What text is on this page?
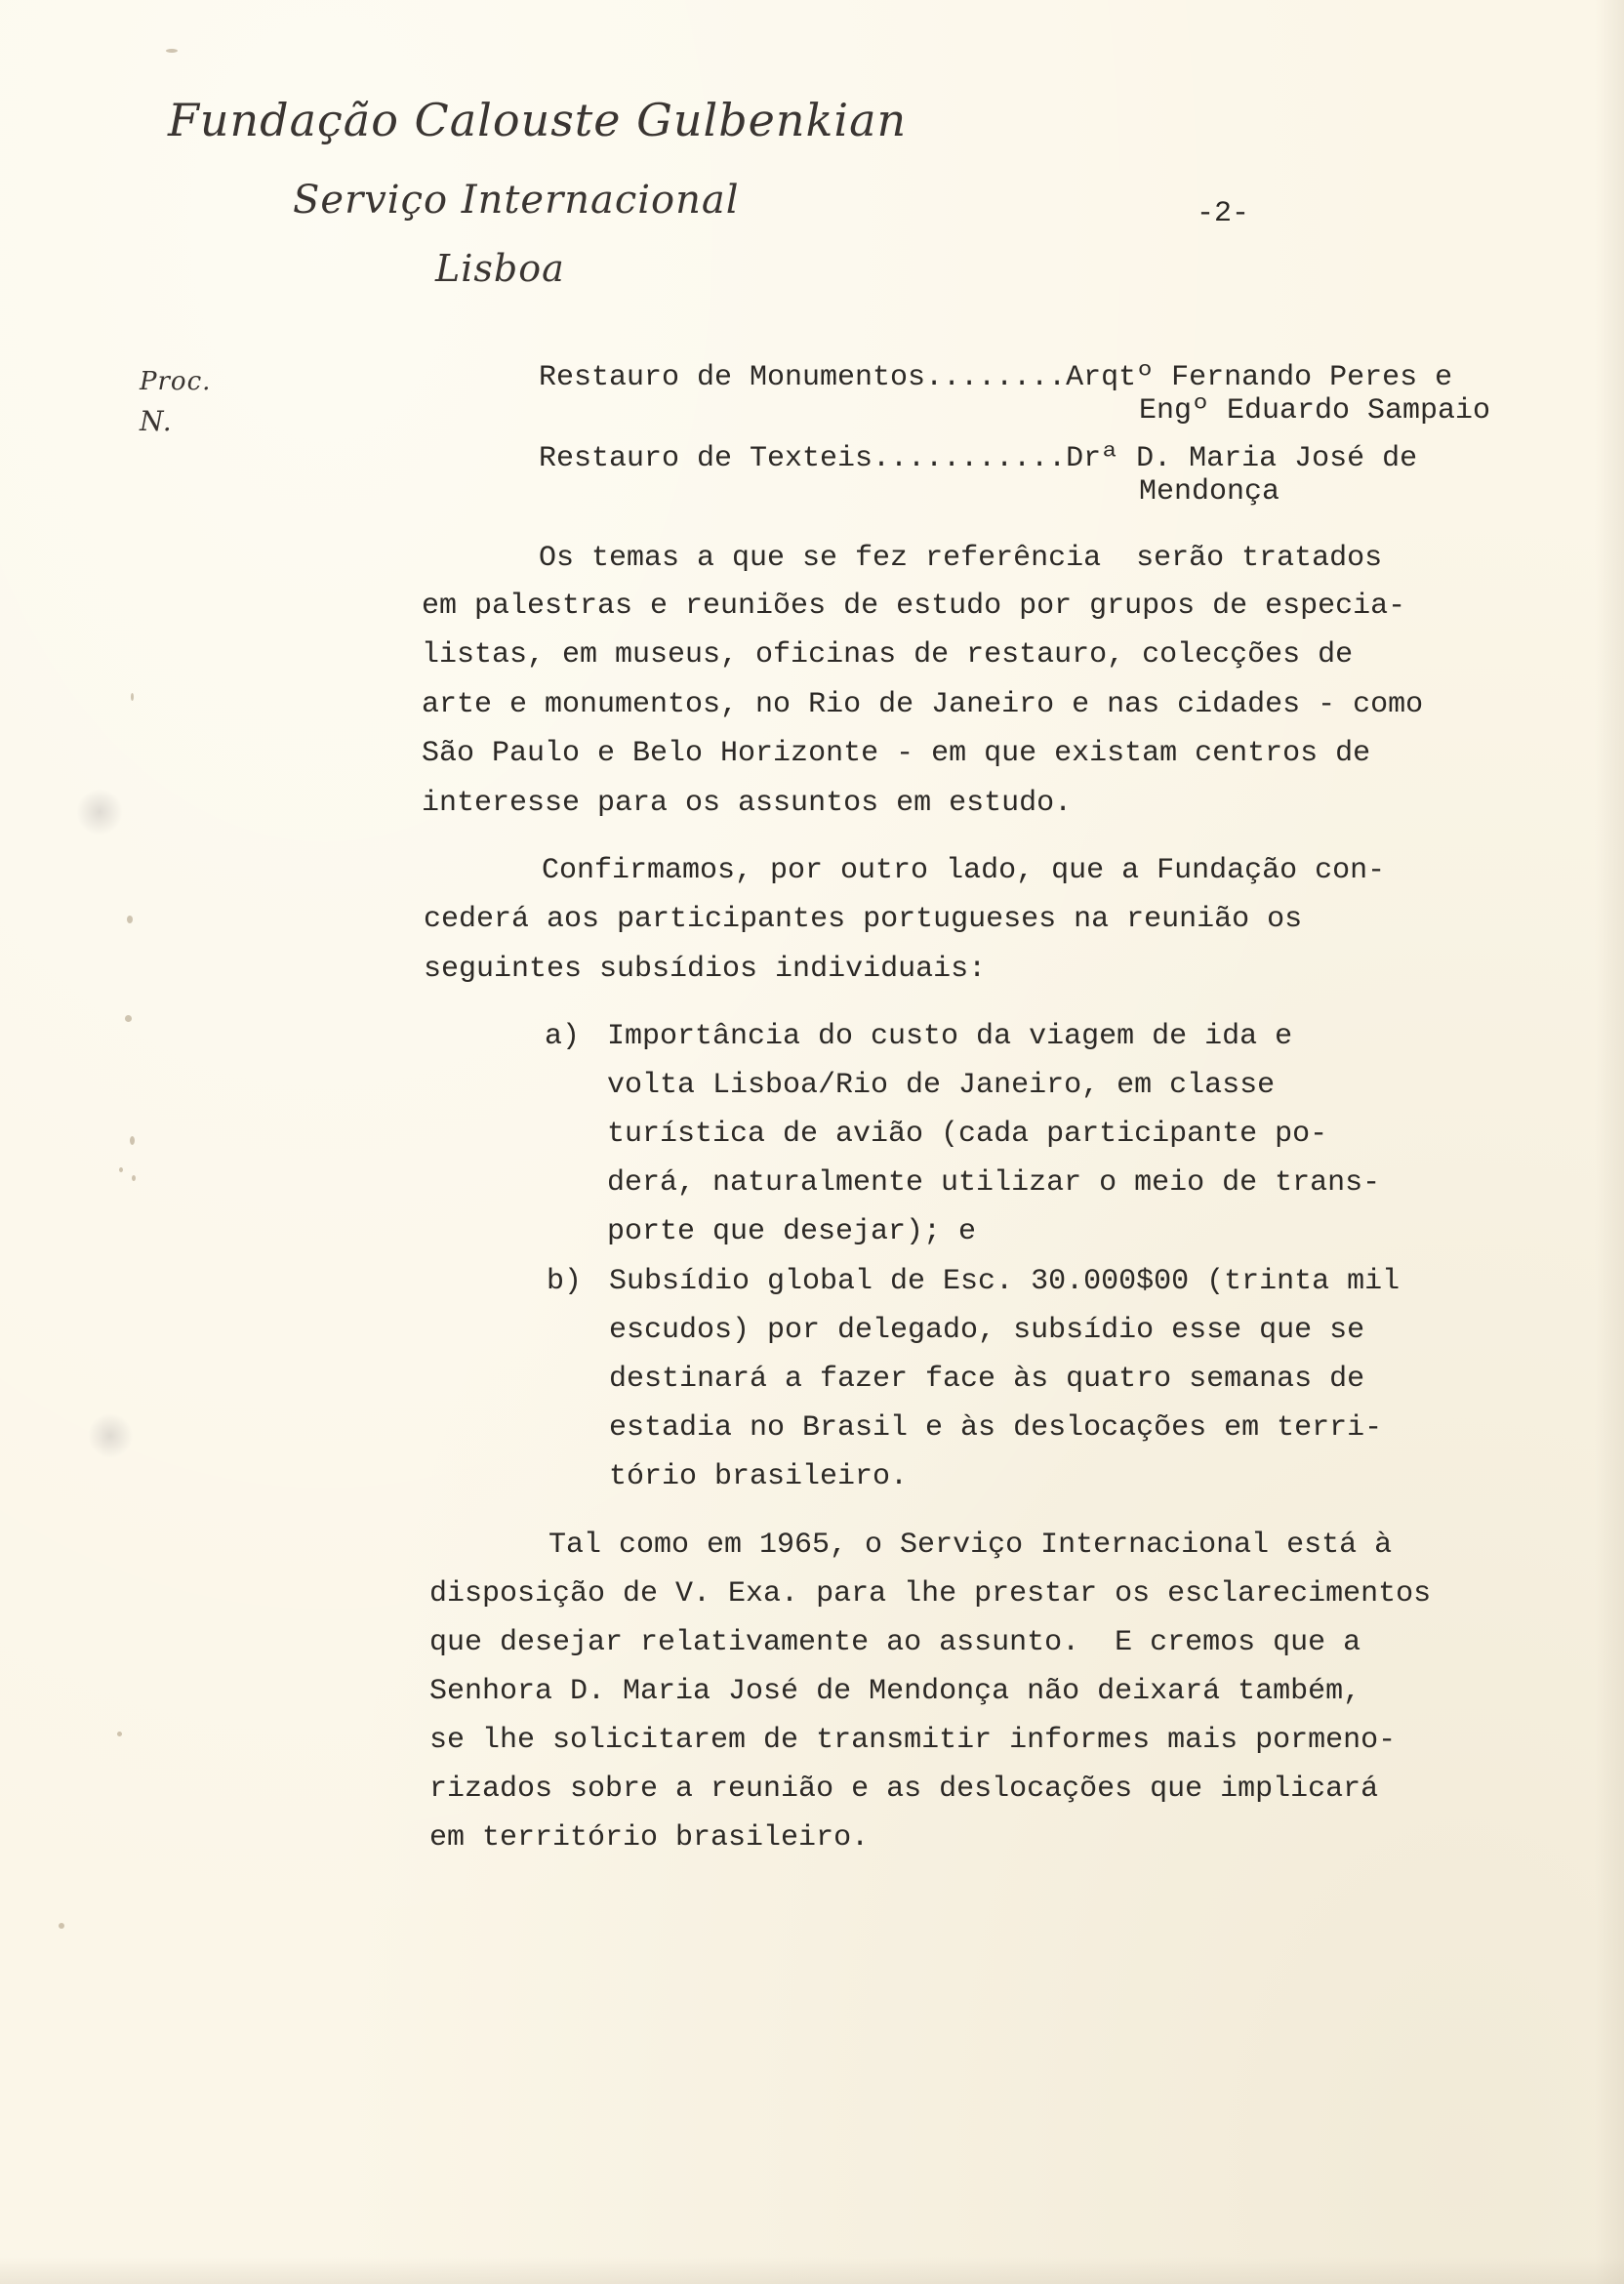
Fundação Calouste Gulbenkian
Serviço Internacional
Lisboa
Proc.
N.
-2-
Restauro de Monumentos........Arqtº Fernando Peres e
Engº Eduardo Sampaio
Restauro de Texteis...........Drª D. Maria José de
Mendonça
Os temas a que se fez referência  serão tratados
em palestras e reuniões de estudo por grupos de especia-
listas, em museus, oficinas de restauro, colecções de
arte e monumentos, no Rio de Janeiro e nas cidades - como
São Paulo e Belo Horizonte - em que existam centros de
interesse para os assuntos em estudo.
Confirmamos, por outro lado, que a Fundação con-
cederá aos participantes portugueses na reunião os
seguintes subsídios individuais:
a) Importância do custo da viagem de ida e
volta Lisboa/Rio de Janeiro, em classe
turística de avião (cada participante po-
derá, naturalmente utilizar o meio de trans-
porte que desejar); e
b) Subsídio global de Esc. 30.000$00 (trinta mil
escudos) por delegado, subsídio esse que se
destinará a fazer face às quatro semanas de
estadia no Brasil e às deslocações em terri-
tório brasileiro.
Tal como em 1965, o Serviço Internacional está à
disposição de V. Exa. para lhe prestar os esclarecimentos
que desejar relativamente ao assunto.  E cremos que a
Senhora D. Maria José de Mendonça não deixará também,
se lhe solicitarem de transmitir informes mais pormeno-
rizados sobre a reunião e as deslocações que implicará
em território brasileiro.
